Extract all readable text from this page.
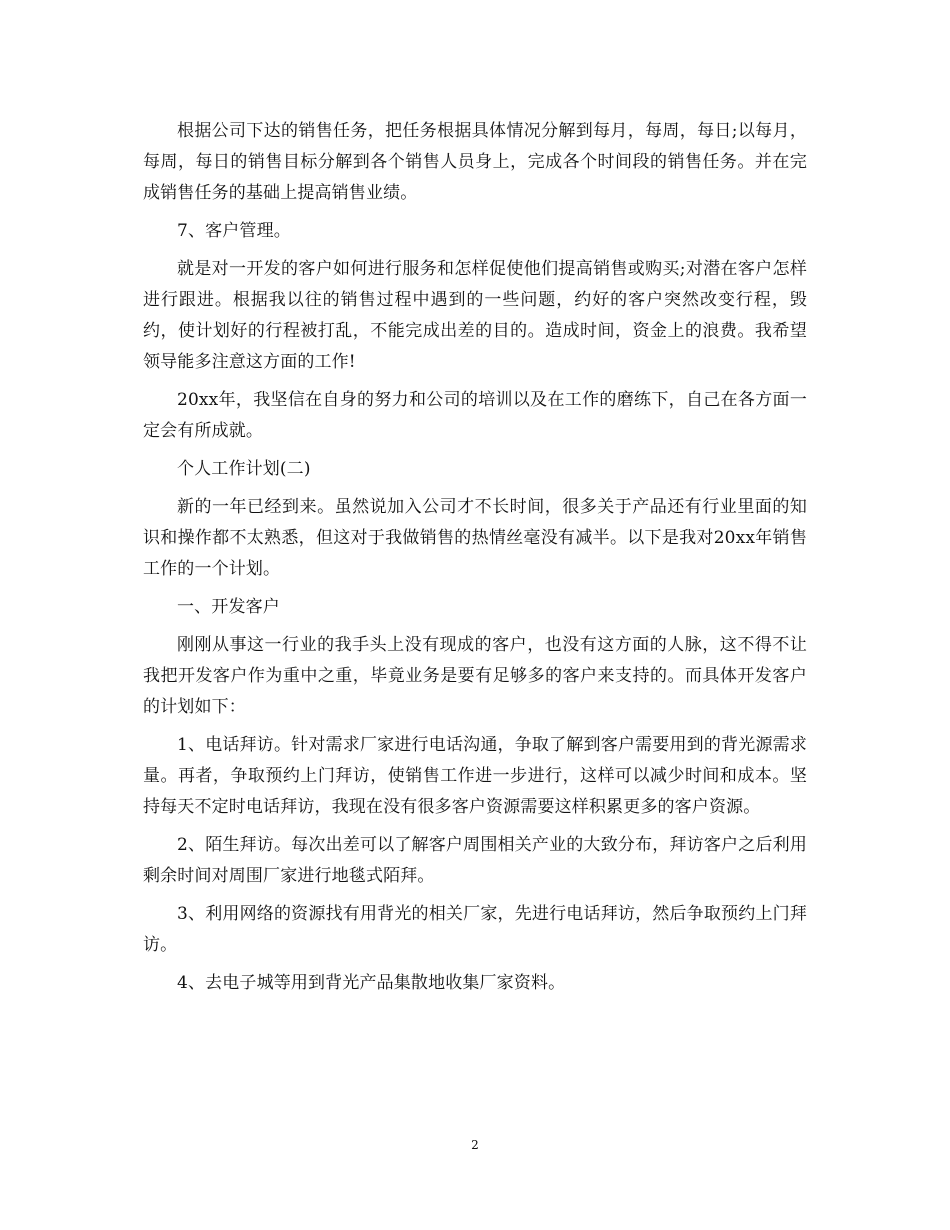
根据公司下达的销售任务，把任务根据具体情况分解到每月，每周，每日;以每月，每周，每日的销售目标分解到各个销售人员身上，完成各个时间段的销售任务。并在完成销售任务的基础上提高销售业绩。

7、客户管理。

就是对一开发的客户如何进行服务和怎样促使他们提高销售或购买;对潜在客户怎样进行跟进。根据我以往的销售过程中遇到的一些问题，约好的客户突然改变行程，毁约，使计划好的行程被打乱，不能完成出差的目的。造成时间，资金上的浪费。我希望领导能多注意这方面的工作!

20xx年，我坚信在自身的努力和公司的培训以及在工作的磨练下，自己在各方面一定会有所成就。

个人工作计划(二)

新的一年已经到来。虽然说加入公司才不长时间，很多关于产品还有行业里面的知识和操作都不太熟悉，但这对于我做销售的热情丝毫没有减半。以下是我对20xx年销售工作的一个计划。

一、开发客户

刚刚从事这一行业的我手头上没有现成的客户，也没有这方面的人脉，这不得不让我把开发客户作为重中之重，毕竟业务是要有足够多的客户来支持的。而具体开发客户的计划如下：

1、电话拜访。针对需求厂家进行电话沟通，争取了解到客户需要用到的背光源需求量。再者，争取预约上门拜访，使销售工作进一步进行，这样可以减少时间和成本。坚持每天不定时电话拜访，我现在没有很多客户资源需要这样积累更多的客户资源。

2、陌生拜访。每次出差可以了解客户周围相关产业的大致分布，拜访客户之后利用剩余时间对周围厂家进行地毯式陌拜。

3、利用网络的资源找有用背光的相关厂家，先进行电话拜访，然后争取预约上门拜访。

4、去电子城等用到背光产品集散地收集厂家资料。

2
